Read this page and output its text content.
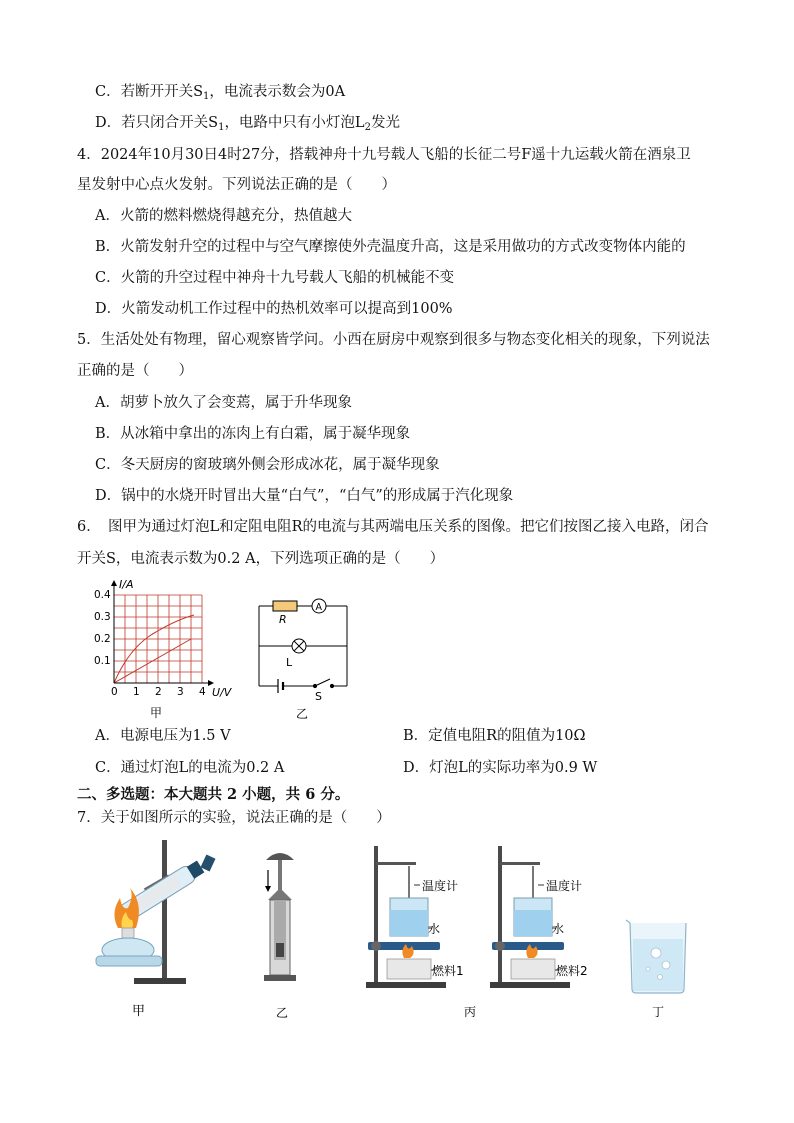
C．若断开开关$S_1$，电流表示数会为0A
D．若只闭合开关$S_1$，电路中只有小灯泡$L_2$发光
4．2024年10月30日4时27分，搭载神舟十九号载人飞船的长征二号F遥十九运载火箭在酒泉卫
星发射中心点火发射。下列说法正确的是（　　）
A．火箭的燃料燃烧得越充分，热值越大
B．火箭发射升空的过程中与空气摩擦使外壳温度升高，这是采用做功的方式改变物体内能的
C．火箭的升空过程中神舟十九号载人飞船的机械能不变
D．火箭发动机工作过程中的热机效率可以提高到100%
5．生活处处有物理，留心观察皆学问。小西在厨房中观察到很多与物态变化相关的现象，下列说法
正确的是（　　）
A．胡萝卜放久了会变蔫，属于升华现象
B．从冰箱中拿出的冻肉上有白霜，属于凝华现象
C．冬天厨房的窗玻璃外侧会形成冰花，属于凝华现象
D．锅中的水烧开时冒出大量“白气”，“白气”的形成属于汽化现象
6．　图甲为通过灯泡L和定阻电阻R的电流与其两端电压关系的图像。把它们按图乙接入电路，闭合
开关S，电流表示数为0.2 A，下列选项正确的是（　　）
I/A
U/V
0.4
0.3
0.2
0.1
0 1 2 3 4
甲
A
R
L
S
乙
A．电源电压为1.5 V	B．定值电阻R的阻值为10Ω
C．通过灯泡L的电流为0.2 A	D．灯泡L的实际功率为0.9 W
二、多选题：本大题共 2 小题，共 6 分。
7．关于如图所示的实验，说法正确的是（　　）
甲	乙
温度计
水
燃料1
温度计
水
燃料2
丙	丁
